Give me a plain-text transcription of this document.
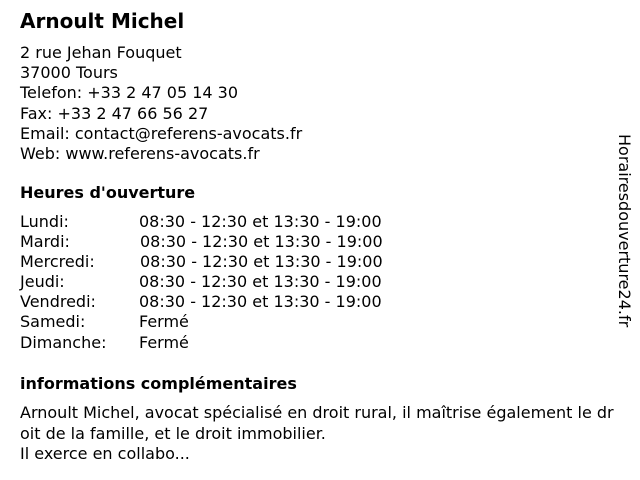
Arnoult Michel
2 rue Jehan Fouquet
37000 Tours
Telefon: +33 2 47 05 14 30
Fax: +33 2 47 66 56 27
Email: contact@referens-avocats.fr
Web: www.referens-avocats.fr
Heures d'ouverture
Lundi:	08:30 - 12:30 et 13:30 - 19:00
Mardi:	08:30 - 12:30 et 13:30 - 19:00
Mercredi:	08:30 - 12:30 et 13:30 - 19:00
Jeudi:	08:30 - 12:30 et 13:30 - 19:00
Vendredi:	08:30 - 12:30 et 13:30 - 19:00
Samedi:	Fermé
Dimanche: Fermé
informations complémentaires
Arnoult Michel, avocat spécialisé en droit rural, il maîtrise également le droit de la famille, et le droit immobilier.
Il exerce en collabo...
Horairesdouverture24.fr
